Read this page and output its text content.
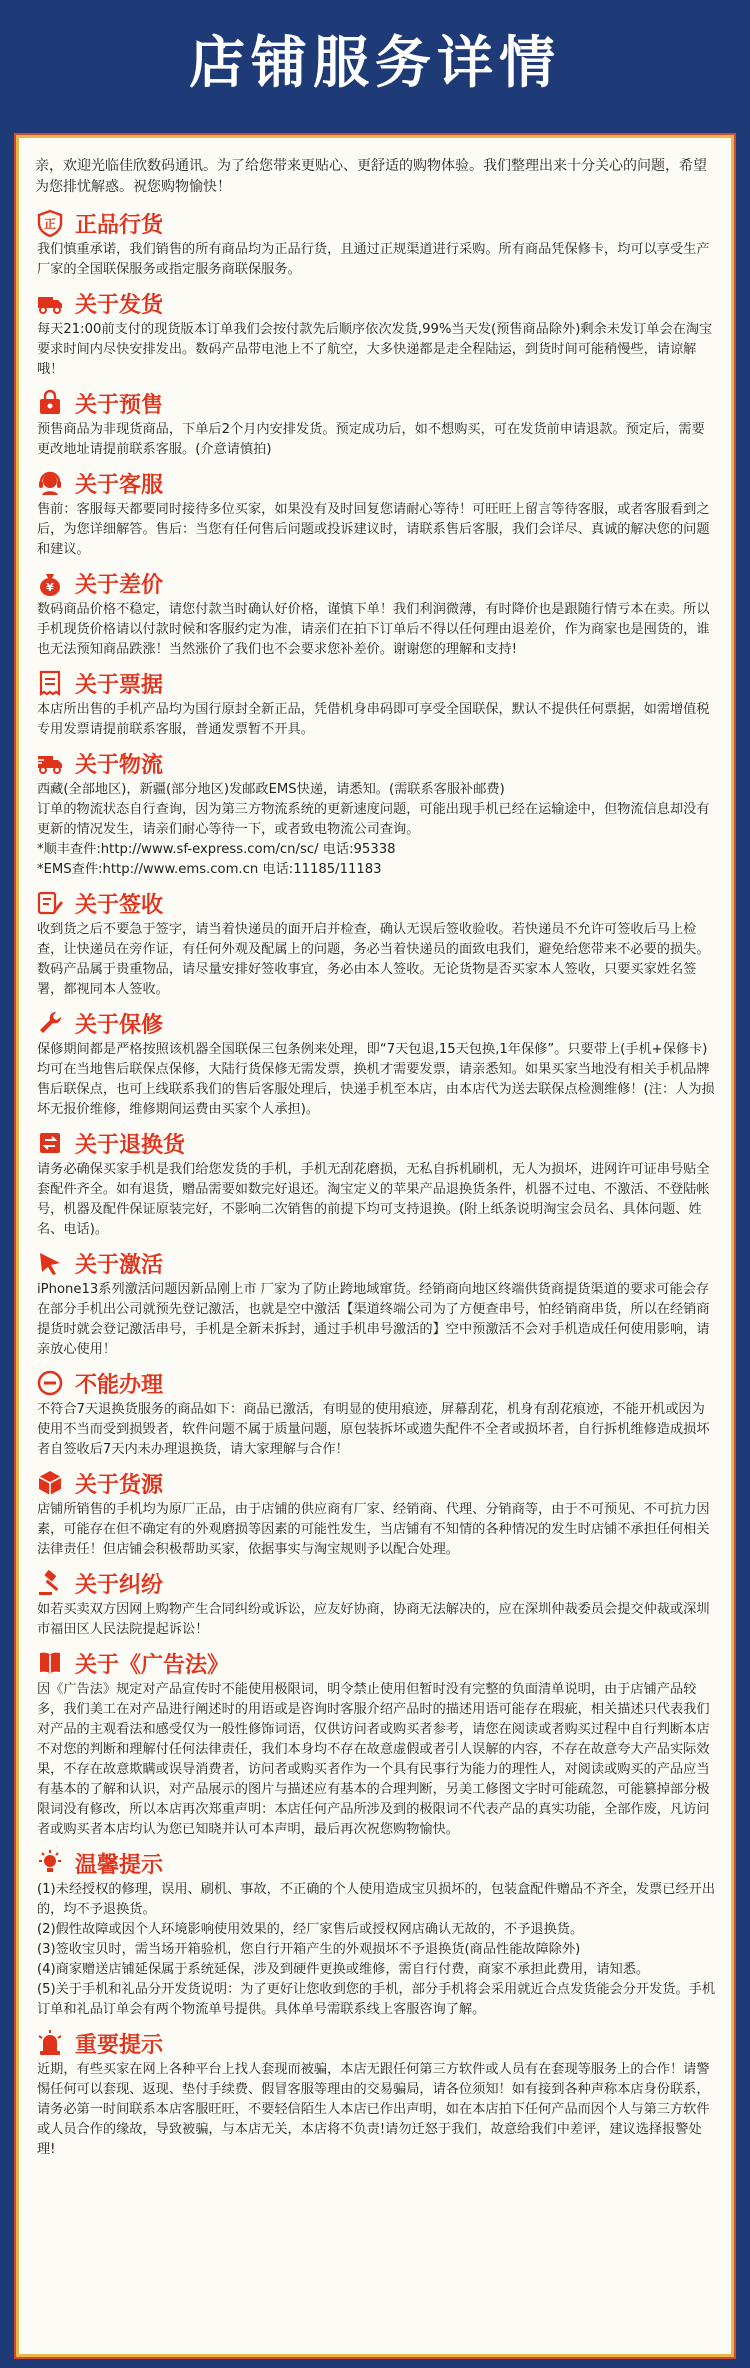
店铺服务详情

亲，欢迎光临佳欣数码通讯。为了给您带来更贴心、更舒适的购物体验。我们整理出来十分关心的问题，希望为您排忧解惑。祝您购物愉快！

正 正品行货
我们慎重承诺，我们销售的所有商品均为正品行货，且通过正规渠道进行采购。所有商品凭保修卡，均可以享受生产厂家的全国联保服务或指定服务商联保服务。
关于发货
每天21:00前支付的现货版本订单我们会按付款先后顺序依次发货,99%当天发(预售商品除外)剩余未发订单会在淘宝要求时间内尽快安排发出。数码产品带电池上不了航空，大多快递都是走全程陆运，到货时间可能稍慢些，请谅解哦！
关于预售
预售商品为非现货商品，下单后2个月内安排发货。预定成功后，如不想购买，可在发货前申请退款。预定后，需要更改地址请提前联系客服。(介意请慎拍)
关于客服
售前：客服每天都要同时接待多位买家，如果没有及时回复您请耐心等待！可旺旺上留言等待客服，或者客服看到之后，为您详细解答。售后：当您有任何售后问题或投诉建议时，请联系售后客服，我们会详尽、真诚的解决您的问题和建议。
¥ 关于差价
数码商品价格不稳定，请您付款当时确认好价格，谨慎下单！我们利润微薄，有时降价也是跟随行情亏本在卖。所以手机现货价格请以付款时候和客服约定为准，请亲们在拍下订单后不得以任何理由退差价，作为商家也是囤货的，谁也无法预知商品跌涨！当然涨价了我们也不会要求您补差价。谢谢您的理解和支持!
关于票据
本店所出售的手机产品均为国行原封全新正品，凭借机身串码即可享受全国联保，默认不提供任何票据，如需增值税专用发票请提前联系客服，普通发票暂不开具。
关于物流
西藏(全部地区)，新疆(部分地区)发邮政EMS快递，请悉知。(需联系客服补邮费)
订单的物流状态自行查询，因为第三方物流系统的更新速度问题，可能出现手机已经在运输途中，但物流信息却没有更新的情况发生，请亲们耐心等待一下，或者致电物流公司查询。
*顺丰查件:http://www.sf-express.com/cn/sc/ 电话:95338
*EMS查件:http://www.ems.com.cn 电话:11185/11183
关于签收
收到货之后不要急于签字，请当着快递员的面开启并检查，确认无误后签收验收。若快递员不允许可签收后马上检查，让快递员在旁作证，有任何外观及配属上的问题，务必当着快递员的面致电我们，避免给您带来不必要的损失。
数码产品属于贵重物品，请尽量安排好签收事宜，务必由本人签收。无论货物是否买家本人签收，只要买家姓名签署，都视同本人签收。
关于保修
保修期间都是严格按照该机器全国联保三包条例来处理，即“7天包退,15天包换,1年保修”。只要带上(手机+保修卡)均可在当地售后联保点保修，大陆行货保修无需发票，换机才需要发票，请亲悉知。如果买家当地没有相关手机品牌售后联保点，也可上线联系我们的售后客服处理后，快递手机至本店，由本店代为送去联保点检测维修！(注：人为损坏无报价维修，维修期间运费由买家个人承担)。
关于退换货
请务必确保买家手机是我们给您发货的手机，手机无刮花磨损，无私自拆机刷机，无人为损坏，进网许可证串号贴全套配件齐全。如有退货，赠品需要如数完好退还。淘宝定义的苹果产品退换货条件，机器不过电、不激活、不登陆帐号，机器及配件保证原装完好，不影响二次销售的前提下均可支持退换。(附上纸条说明淘宝会员名、具体问题、姓名、电话)。
关于激活
iPhone13系列激活问题因新品刚上市 厂家为了防止跨地域窜货。经销商向地区终端供货商提货渠道的要求可能会存在部分手机出公司就预先登记激活，也就是空中激活【渠道终端公司为了方便查串号，怕经销商串货，所以在经销商提货时就会登记激活串号，手机是全新未拆封，通过手机串号激活的】空中预激活不会对手机造成任何使用影响，请亲放心使用！
不能办理
不符合7天退换货服务的商品如下：商品已激活，有明显的使用痕迹，屏幕刮花，机身有刮花痕迹，不能开机或因为使用不当而受到损毁者，软件问题不属于质量问题，原包装拆坏或遗失配件不全者或损坏者，自行拆机维修造成损坏者自签收后7天内未办理退换货，请大家理解与合作！
关于货源
店铺所销售的手机均为原厂正品，由于店铺的供应商有厂家、经销商、代理、分销商等，由于不可预见、不可抗力因素，可能存在但不确定有的外观磨损等因素的可能性发生，当店铺有不知情的各种情况的发生时店铺不承担任何相关法律责任！但店铺会积极帮助买家，依据事实与淘宝规则予以配合处理。
关于纠纷
如若买卖双方因网上购物产生合同纠纷或诉讼，应友好协商，协商无法解决的，应在深圳仲裁委员会提交仲裁或深圳市福田区人民法院提起诉讼！
关于《广告法》
因《广告法》规定对产品宣传时不能使用极限词，明令禁止使用但暂时没有完整的负面清单说明，由于店铺产品较多，我们美工在对产品进行阐述时的用语或是咨询时客服介绍产品时的描述用语可能存在瑕疵，相关描述只代表我们对产品的主观看法和感受仅为一般性修饰词语，仅供访问者或购买者参考，请您在阅读或者购买过程中自行判断本店不对您的判断和理解付任何法律责任，我们本身均不存在故意虚假或者引人误解的内容，不存在故意夸大产品实际效果，不存在故意欺瞒或误导消费者，访问者或购买者作为一个具有民事行为能力的理性人，对阅读或购买的产品应当有基本的了解和认识，对产品展示的图片与描述应有基本的合理判断，另美工修图文字时可能疏忽，可能篡掉部分极限词没有修改，所以本店再次郑重声明：本店任何产品所涉及到的极限词不代表产品的真实功能，全部作废，凡访问者或购买者本店均认为您已知晓并认可本声明，最后再次祝您购物愉快。
温馨提示
(1)未经授权的修理，误用、刷机、事故，不正确的个人使用造成宝贝损坏的，包装盒配件赠品不齐全，发票已经开出的，均不予退换货。
(2)假性故障或因个人环境影响使用效果的，经厂家售后或授权网店确认无故的，不予退换货。
(3)签收宝贝时，需当场开箱验机，您自行开箱产生的外观损坏不予退换货(商品性能故障除外)
(4)商家赠送店铺延保属于系统延保，涉及到硬件更换或维修，需自行付费，商家不承担此费用，请知悉。
(5)关于手机和礼品分开发货说明：为了更好让您收到您的手机，部分手机将会采用就近合点发货能会分开发货。手机订单和礼品订单会有两个物流单号提供。具体单号需联系线上客服咨询了解。
重要提示
近期，有些买家在网上各种平台上找人套现而被骗，本店无跟任何第三方软件或人员有在套现等服务上的合作！请警惕任何可以套现、返现、垫付手续费、假冒客服等理由的交易骗局，请各位须知！如有接到各种声称本店身份联系，请务必第一时间联系本店客服旺旺，不要轻信陌生人本店已作出声明，如在本店拍下任何产品而因个人与第三方软件或人员合作的缘故，导致被骗，与本店无关，本店将不负责!请勿迁怒于我们，故意给我们中差评，建议选择报警处理!
